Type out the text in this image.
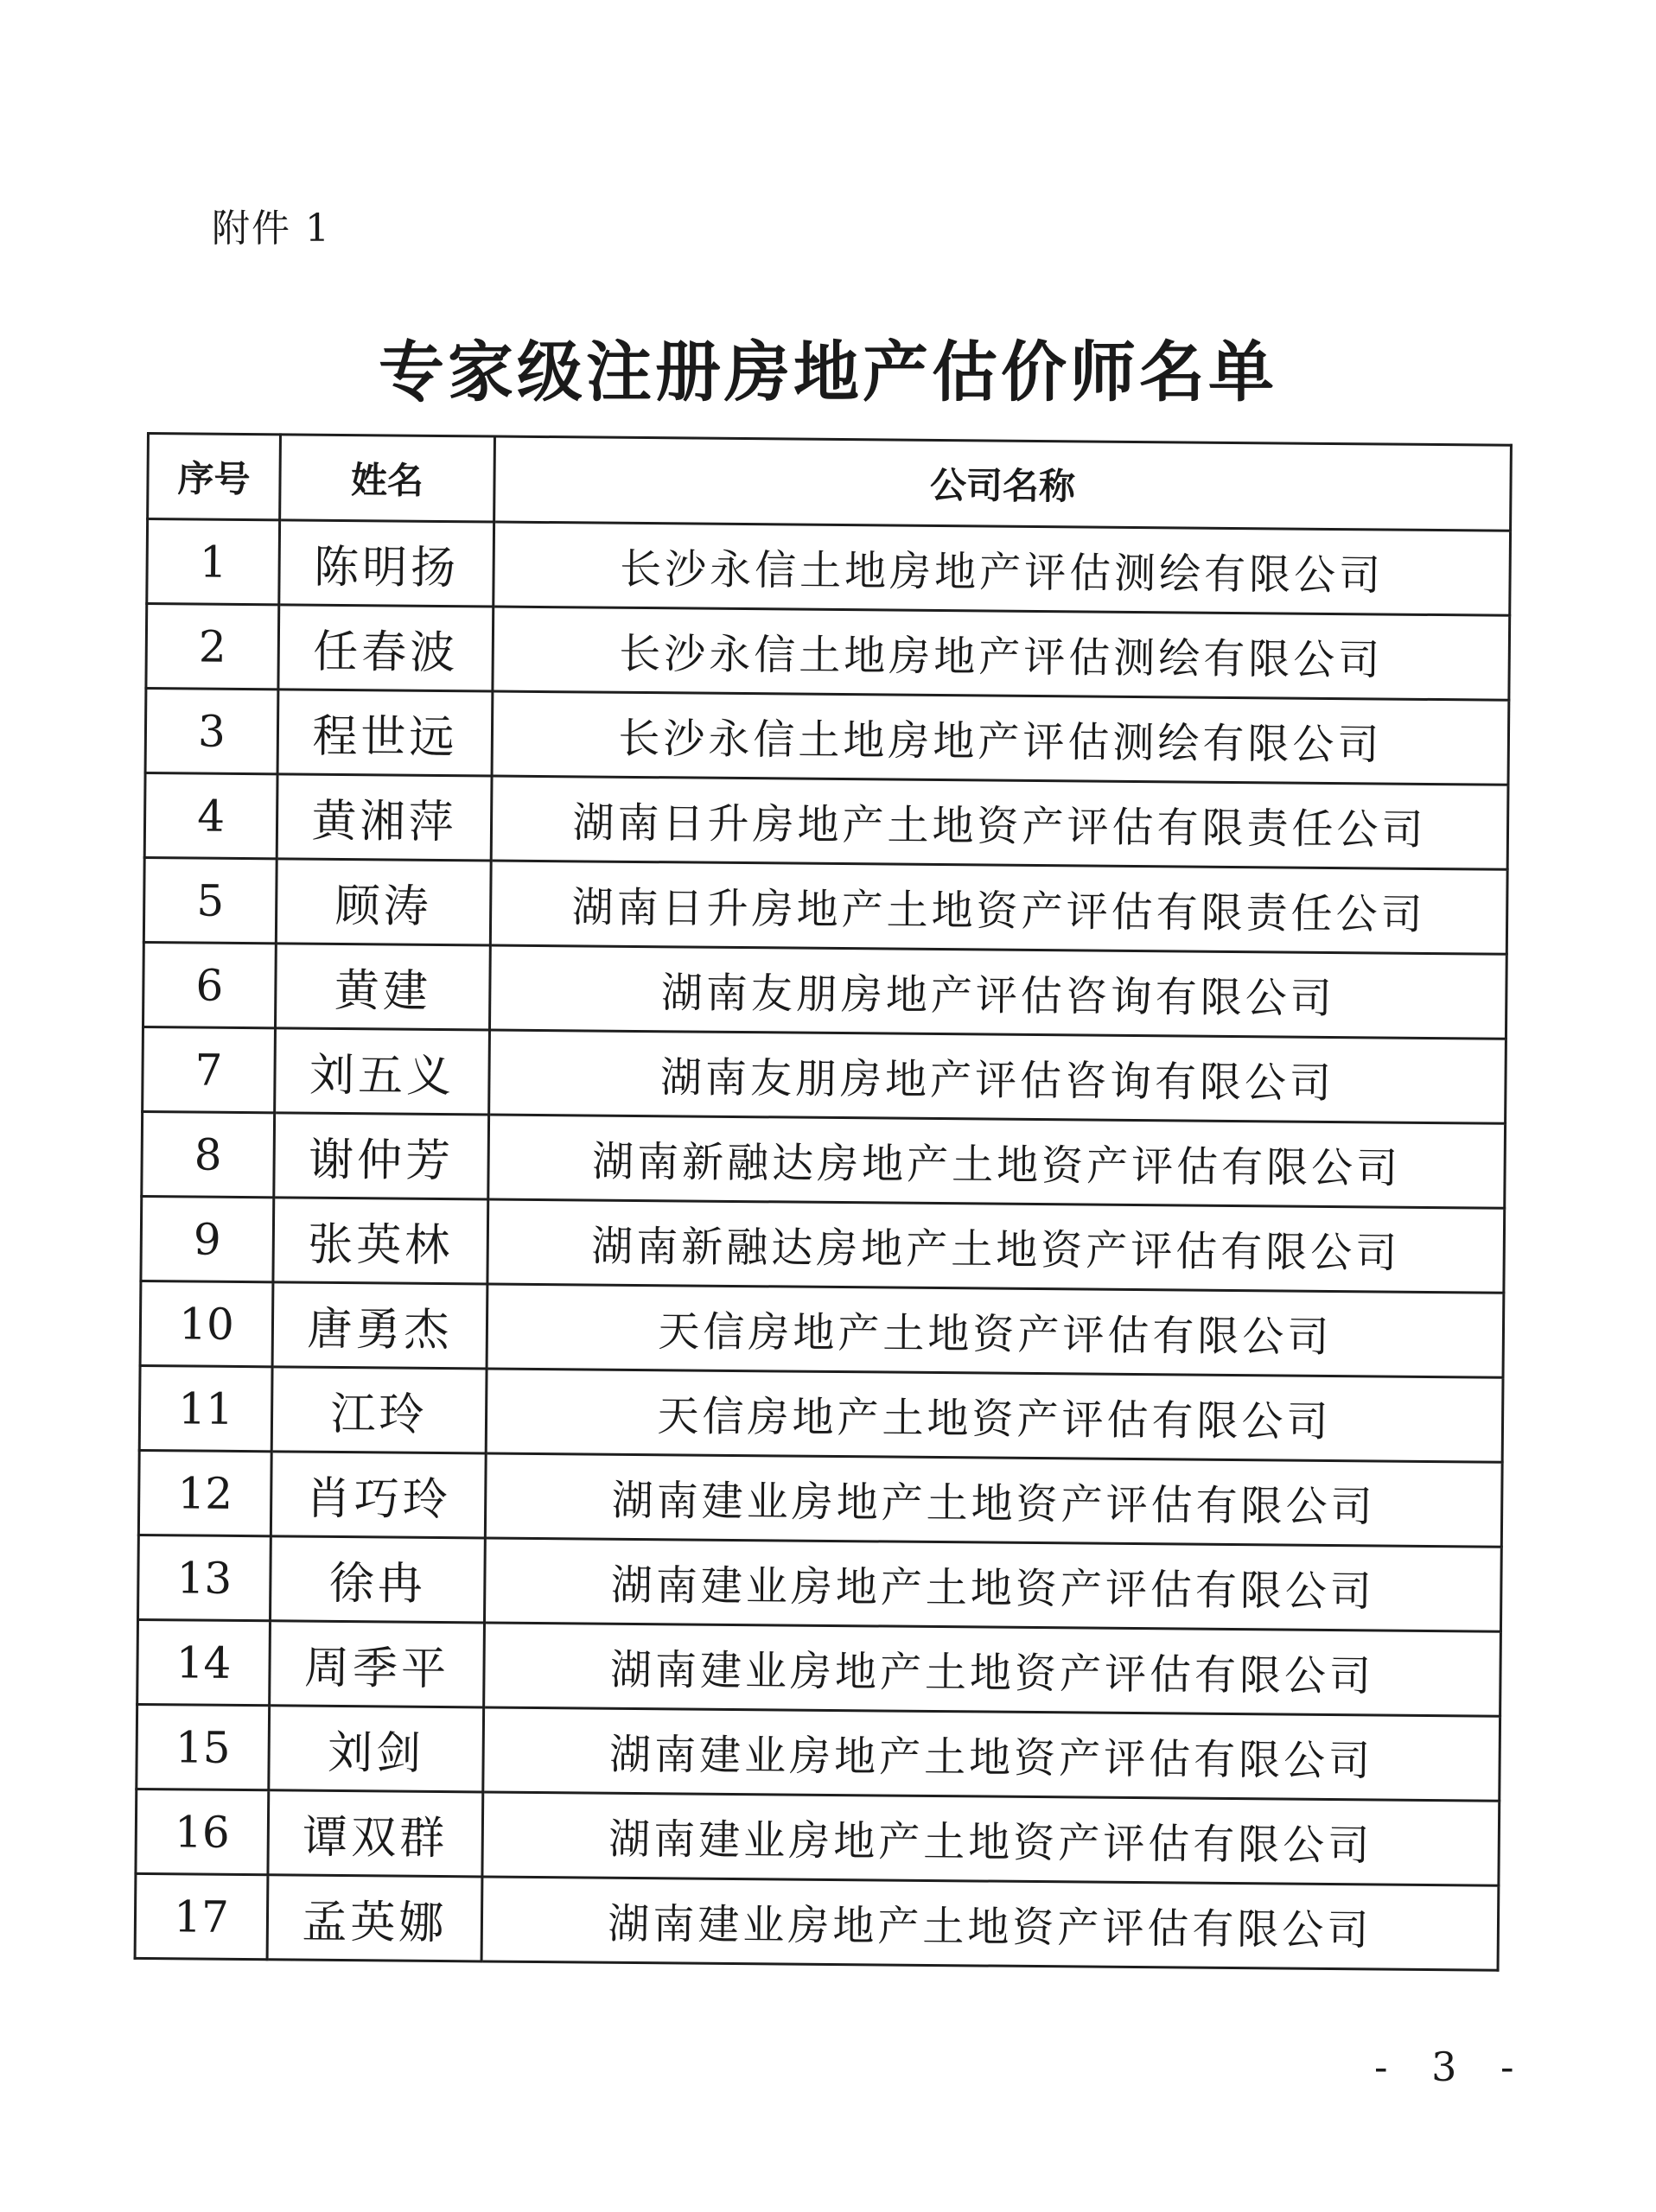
附件 1
专家级注册房地产估价师名单
序号	姓名	公司名称
1	陈明扬	长沙永信土地房地产评估测绘有限公司
2	任春波	长沙永信土地房地产评估测绘有限公司
3	程世远	长沙永信土地房地产评估测绘有限公司
4	黄湘萍	湖南日升房地产土地资产评估有限责任公司
5	顾涛	湖南日升房地产土地资产评估有限责任公司
6	黄建	湖南友朋房地产评估咨询有限公司
7	刘五义	湖南友朋房地产评估咨询有限公司
8	谢仲芳	湖南新融达房地产土地资产评估有限公司
9	张英林	湖南新融达房地产土地资产评估有限公司
10	唐勇杰	天信房地产土地资产评估有限公司
11	江玲	天信房地产土地资产评估有限公司
12	肖巧玲	湖南建业房地产土地资产评估有限公司
13	徐冉	湖南建业房地产土地资产评估有限公司
14	周季平	湖南建业房地产土地资产评估有限公司
15	刘剑	湖南建业房地产土地资产评估有限公司
16	谭双群	湖南建业房地产土地资产评估有限公司
17	孟英娜	湖南建业房地产土地资产评估有限公司
- 3 -
